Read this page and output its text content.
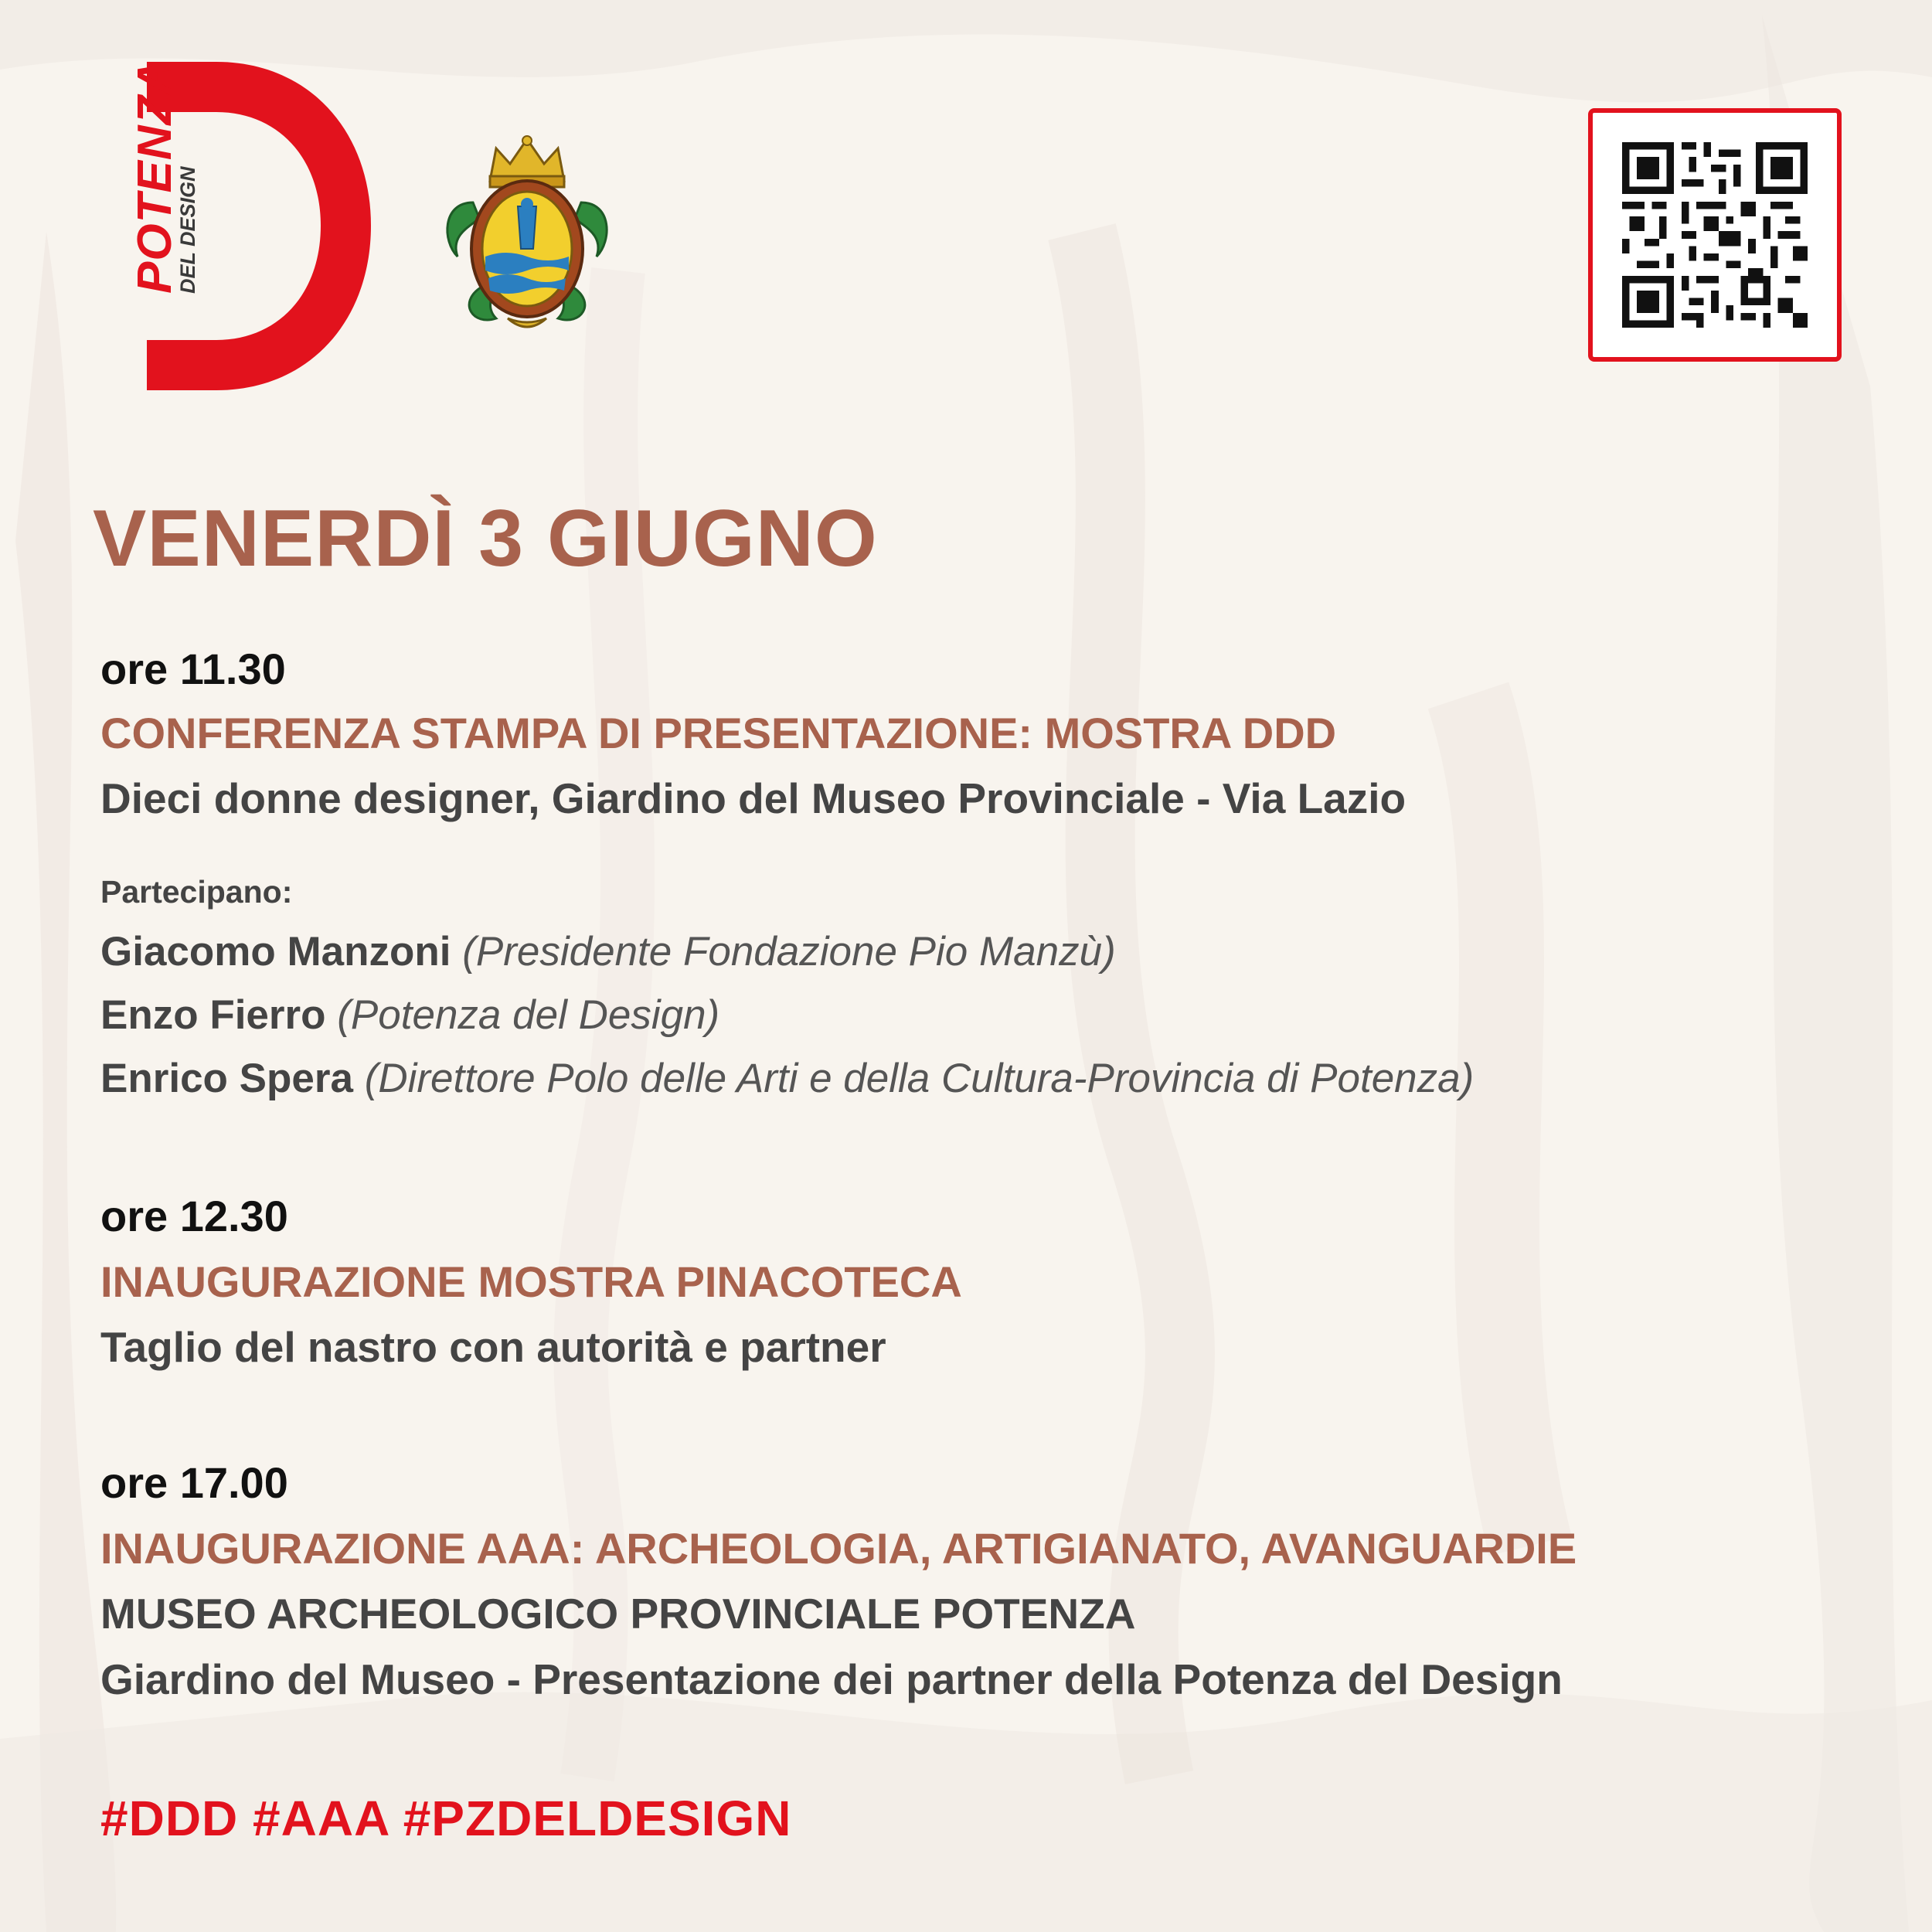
POTENZA
DEL DESIGN
VENERDÌ 3 GIUGNO
ore 11.30
CONFERENZA STAMPA DI PRESENTAZIONE: MOSTRA DDD
Dieci donne designer, Giardino del Museo Provinciale - Via Lazio
Partecipano:
Giacomo Manzoni (Presidente Fondazione Pio Manzù)
Enzo Fierro (Potenza del Design)
Enrico Spera (Direttore Polo delle Arti e della Cultura-Provincia di Potenza)
ore 12.30
INAUGURAZIONE MOSTRA PINACOTECA
Taglio del nastro con autorità e partner
ore 17.00
INAUGURAZIONE AAA: ARCHEOLOGIA, ARTIGIANATO, AVANGUARDIE
MUSEO ARCHEOLOGICO PROVINCIALE POTENZA
Giardino del Museo - Presentazione dei partner della Potenza del Design
#DDD #AAA #PZDELDESIGN
